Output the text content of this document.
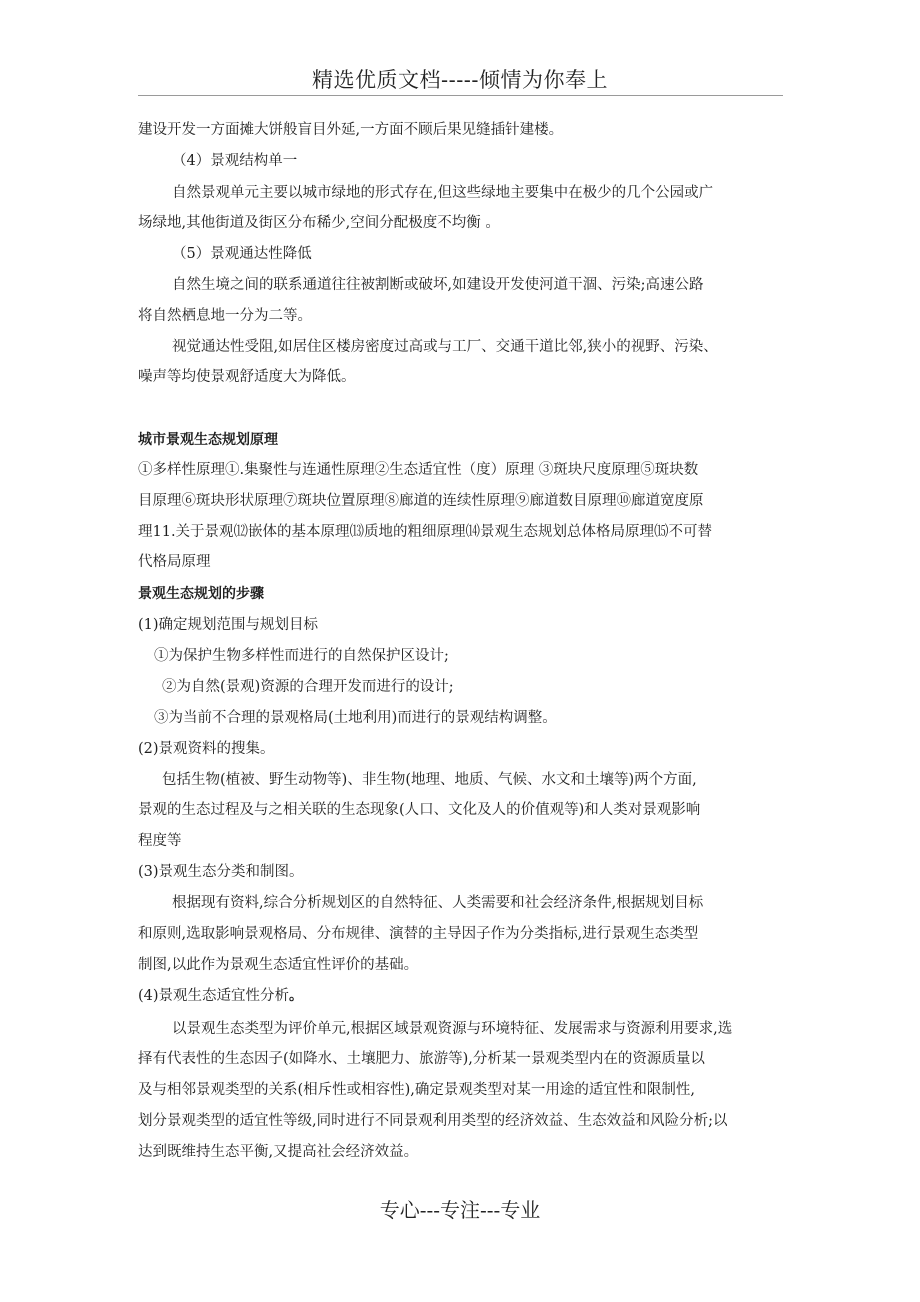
精选优质文档-----倾情为你奉上
建设开发一方面摊大饼般盲目外延,一方面不顾后果见缝插针建楼。
（4）景观结构单一
自然景观单元主要以城市绿地的形式存在,但这些绿地主要集中在极少的几个公园或广
场绿地,其他街道及街区分布稀少,空间分配极度不均衡 。
（5）景观通达性降低
自然生境之间的联系通道往往被割断或破坏,如建设开发使河道干涸、污染;高速公路
将自然栖息地一分为二等。
视觉通达性受阻,如居住区楼房密度过高或与工厂、交通干道比邻,狭小的视野、污染、
噪声等均使景观舒适度大为降低。
城市景观生态规划原理
①多样性原理①.集聚性与连通性原理②生态适宜性（度）原理 ③斑块尺度原理⑤斑块数
目原理⑥斑块形状原理⑦斑块位置原理⑧廊道的连续性原理⑨廊道数目原理⑩廊道宽度原
理11.关于景观⑿嵌体的基本原理⒀质地的粗细原理⒁景观生态规划总体格局原理⒂不可替
代格局原理
景观生态规划的步骤
(1)确定规划范围与规划目标
①为保护生物多样性而进行的自然保护区设计;
②为自然(景观)资源的合理开发而进行的设计;
③为当前不合理的景观格局(土地利用)而进行的景观结构调整。
(2)景观资料的搜集。
包括生物(植被、野生动物等)、非生物(地理、地质、气候、水文和土壤等)两个方面,
景观的生态过程及与之相关联的生态现象(人口、文化及人的价值观等)和人类对景观影响
程度等
(3)景观生态分类和制图。
根据现有资料,综合分析规划区的自然特征、人类需要和社会经济条件,根据规划目标
和原则,选取影响景观格局、分布规律、演替的主导因子作为分类指标,进行景观生态类型
制图,以此作为景观生态适宜性评价的基础。
(4)景观生态适宜性分析。
以景观生态类型为评价单元,根据区域景观资源与环境特征、发展需求与资源利用要求,选
择有代表性的生态因子(如降水、土壤肥力、旅游等),分析某一景观类型内在的资源质量以
及与相邻景观类型的关系(相斥性或相容性),确定景观类型对某一用途的适宜性和限制性,
划分景观类型的适宜性等级,同时进行不同景观利用类型的经济效益、生态效益和风险分析;以
达到既维持生态平衡,又提高社会经济效益。
专心---专注---专业
